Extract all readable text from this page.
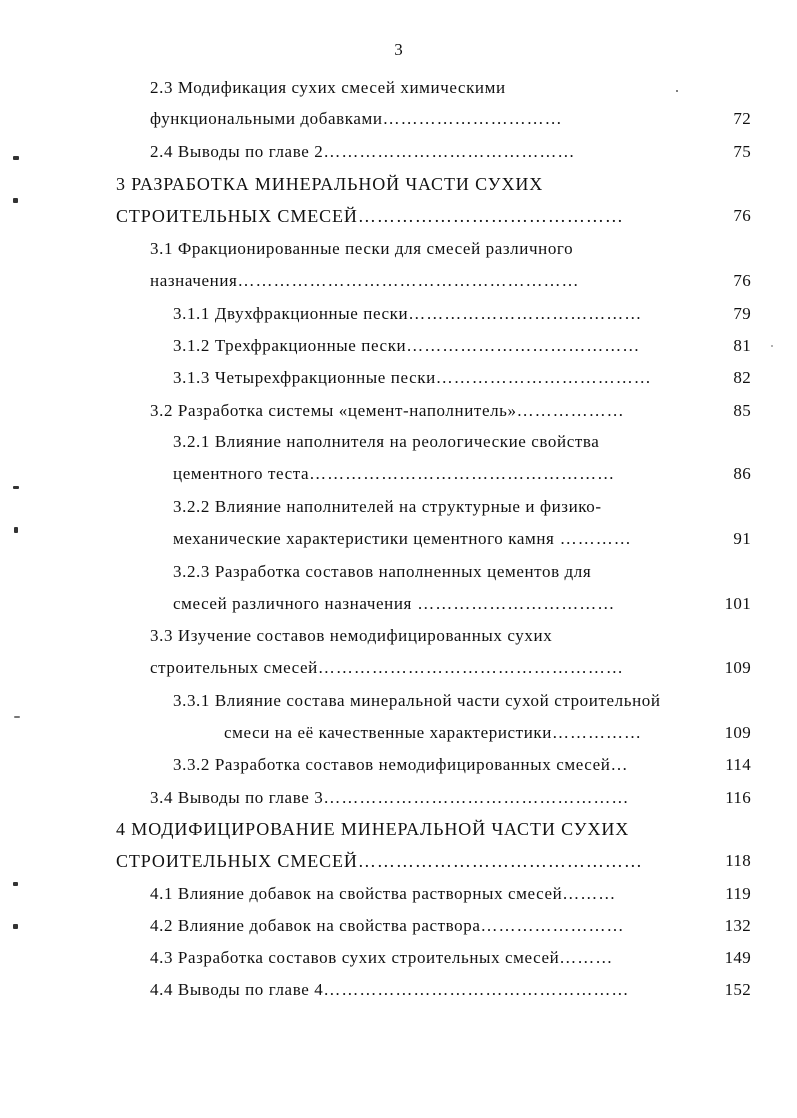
3
2.3 Модификация сухих смесей химическими
функциональными добавками…………………………	72
2.4 Выводы по главе 2……………………………………	75
3 РАЗРАБОТКА МИНЕРАЛЬНОЙ ЧАСТИ СУХИХ
СТРОИТЕЛЬНЫХ СМЕСЕЙ……………………………………	76
3.1 Фракционированные пески для смесей различного
назначения…………………………………………………	76
3.1.1 Двухфракционные пески…………………………………	79
3.1.2 Трехфракционные пески…………………………………	81
3.1.3 Четырехфракционные пески………………………………	82
3.2 Разработка системы «цемент-наполнитель»………………	85
3.2.1 Влияние наполнителя на реологические свойства
цементного теста……………………………………………	86
3.2.2 Влияние наполнителей на структурные и физико-
механические характеристики цементного камня …………	91
3.2.3 Разработка составов наполненных цементов для
смесей различного назначения ……………………………	101
3.3 Изучение составов немодифицированных сухих
строительных смесей……………………………………………	109
3.3.1 Влияние состава минеральной части сухой строительной
смеси на её качественные характеристики……………	109
3.3.2 Разработка составов немодифицированных смесей…	114
3.4 Выводы по главе 3……………………………………………	116
4 МОДИФИЦИРОВАНИЕ МИНЕРАЛЬНОЙ ЧАСТИ СУХИХ
СТРОИТЕЛЬНЫХ СМЕСЕЙ………………………………………	118
4.1 Влияние добавок на свойства растворных смесей………	119
4.2 Влияние добавок на свойства раствора……………………	132
4.3 Разработка составов сухих строительных смесей………	149
4.4 Выводы по главе 4……………………………………………	152
